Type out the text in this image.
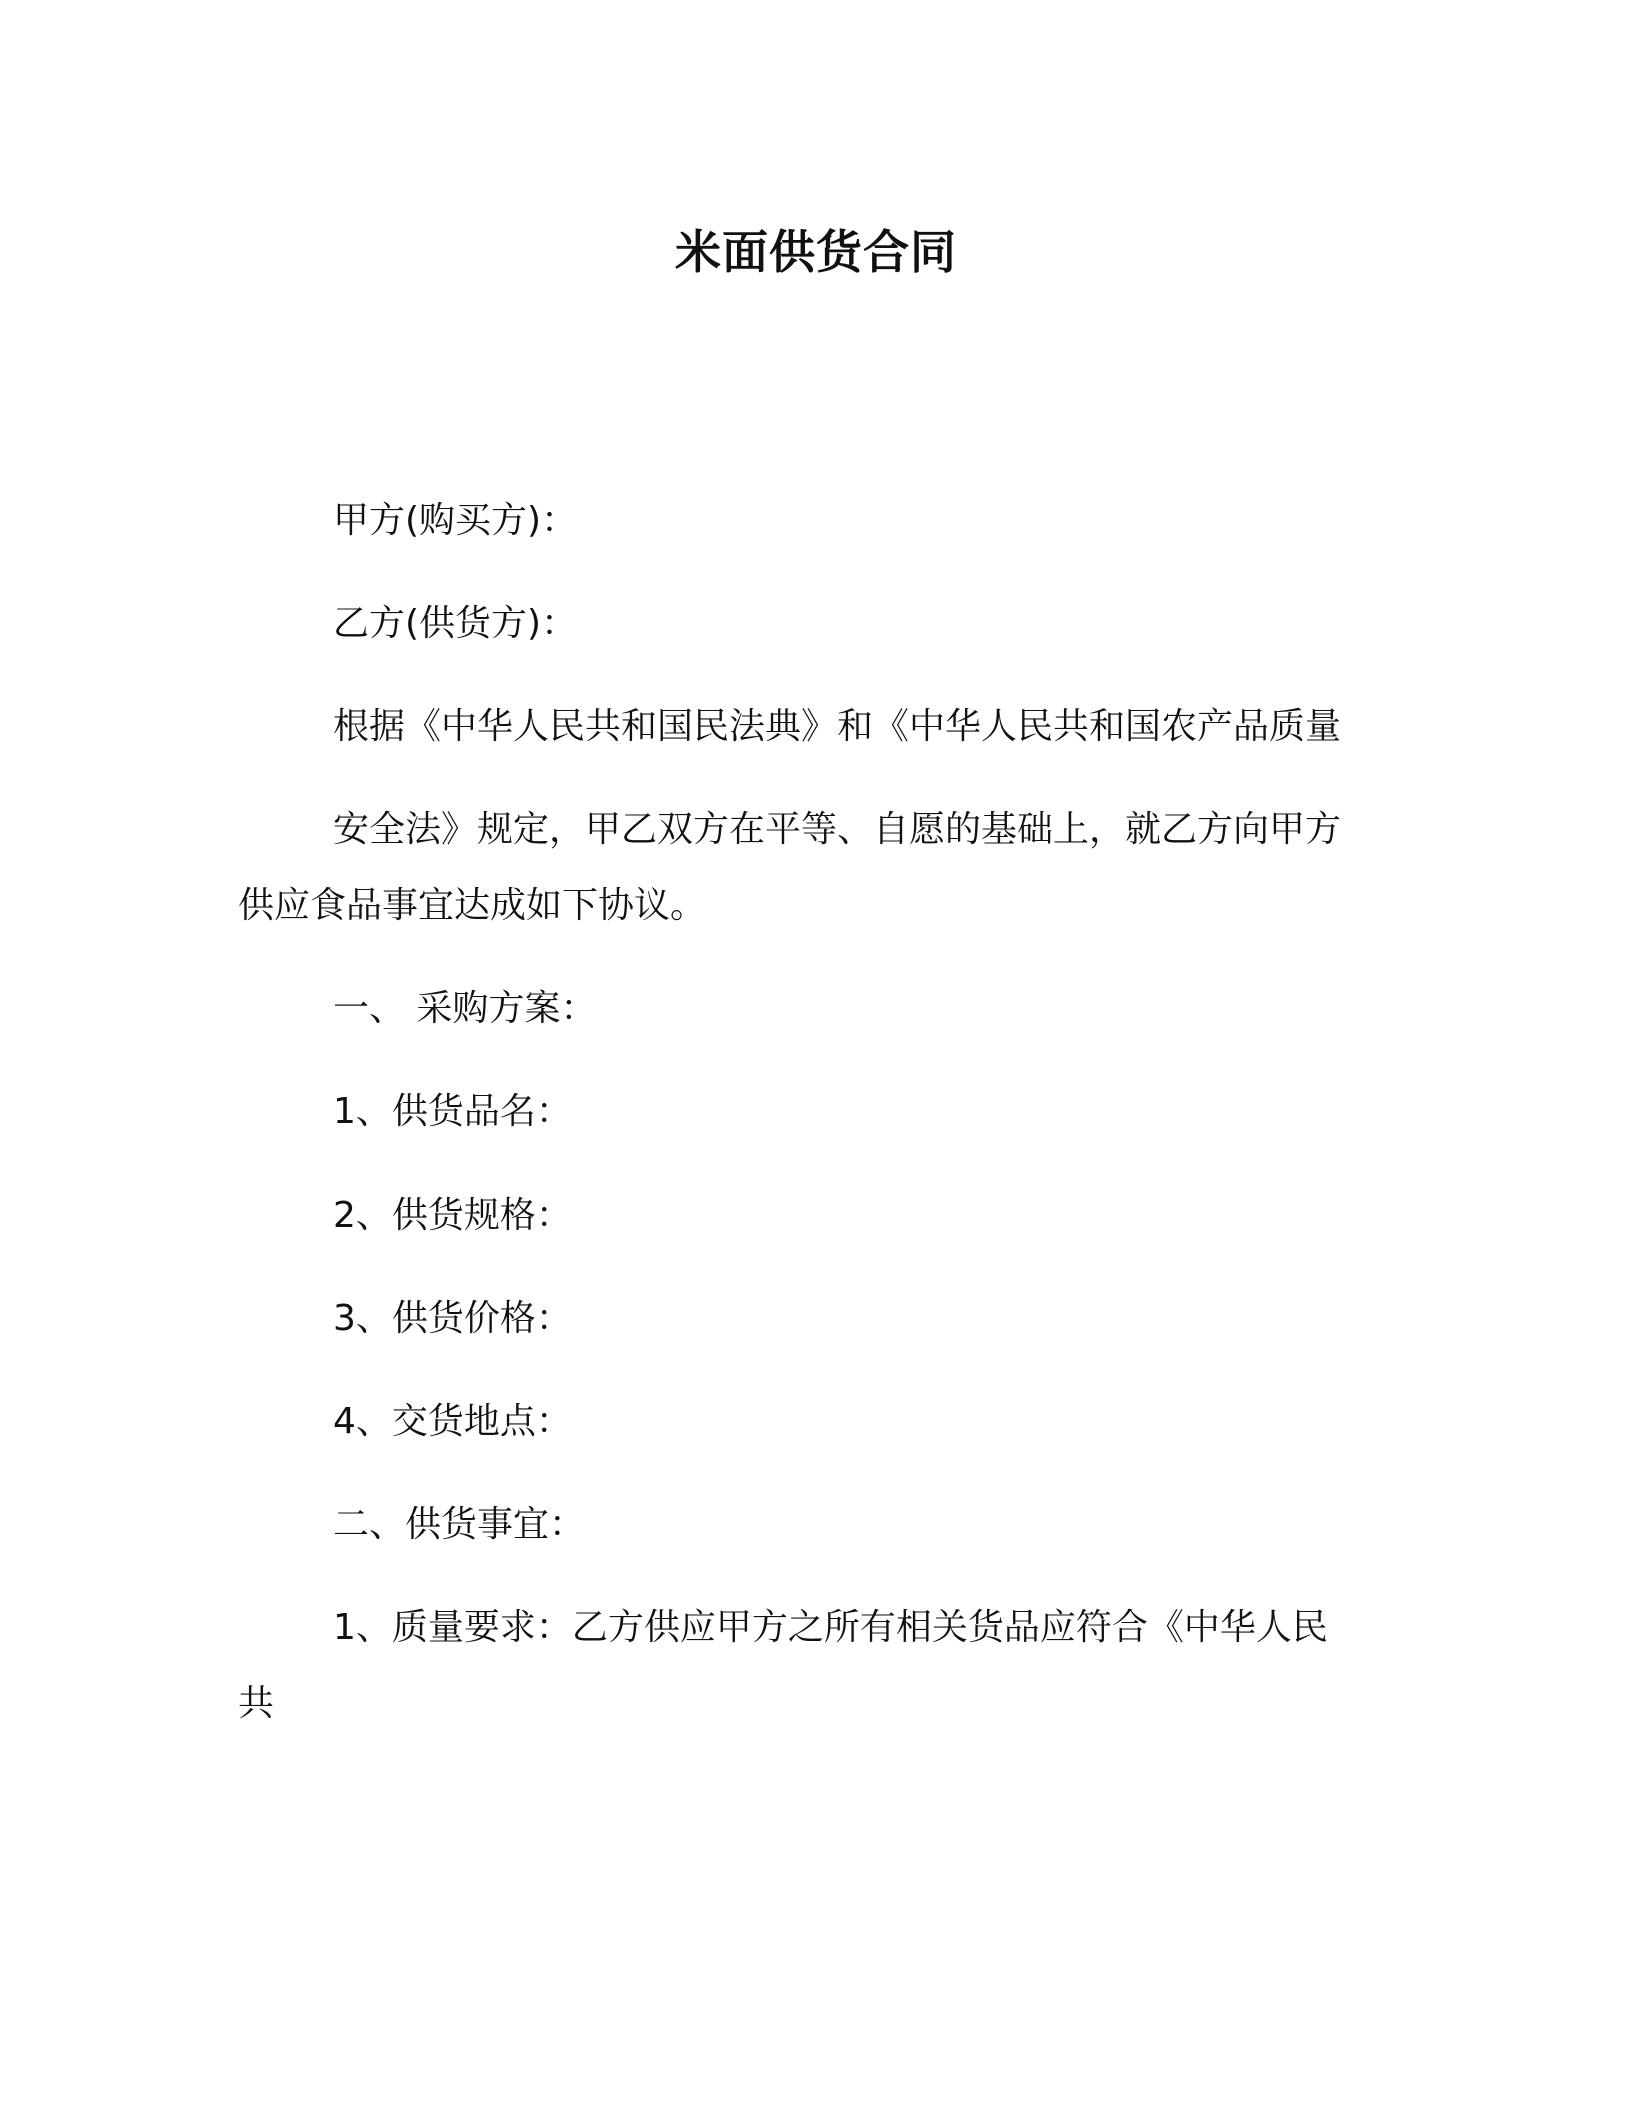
米面供货合同
甲方(购买方)：
乙方(供货方)：
根据《中华人民共和国民法典》和《中华人民共和国农产品质量
安全法》规定，甲乙双方在平等、自愿的基础上，就乙方向甲方
供应食品事宜达成如下协议。
一、 采购方案：
1、供货品名：
2、供货规格：
3、供货价格：
4、交货地点：
二、供货事宜：
1、质量要求：乙方供应甲方之所有相关货品应符合《中华人民
共
